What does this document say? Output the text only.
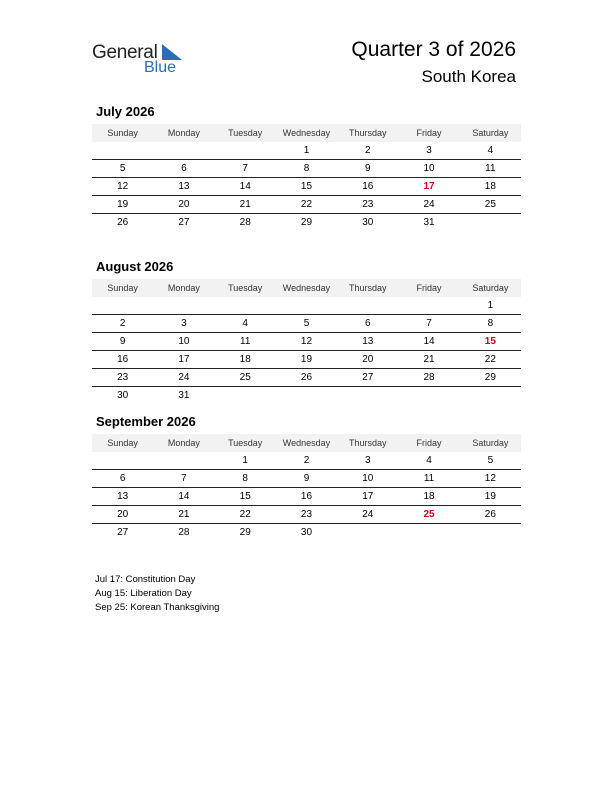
General
Blue
Quarter 3 of 2026
South Korea
July 2026
Sunday	Monday	Tuesday	Wednesday	Thursday	Friday	Saturday
			1	2	3	4
5	6	7	8	9	10	11
12	13	14	15	16	17	18
19	20	21	22	23	24	25
26	27	28	29	30	31	
August 2026
Sunday	Monday	Tuesday	Wednesday	Thursday	Friday	Saturday
						1
2	3	4	5	6	7	8
9	10	11	12	13	14	15
16	17	18	19	20	21	22
23	24	25	26	27	28	29
30	31					
September 2026
Sunday	Monday	Tuesday	Wednesday	Thursday	Friday	Saturday
		1	2	3	4	5
6	7	8	9	10	11	12
13	14	15	16	17	18	19
20	21	22	23	24	25	26
27	28	29	30			
Jul 17: Constitution Day
Aug 15: Liberation Day
Sep 25: Korean Thanksgiving
